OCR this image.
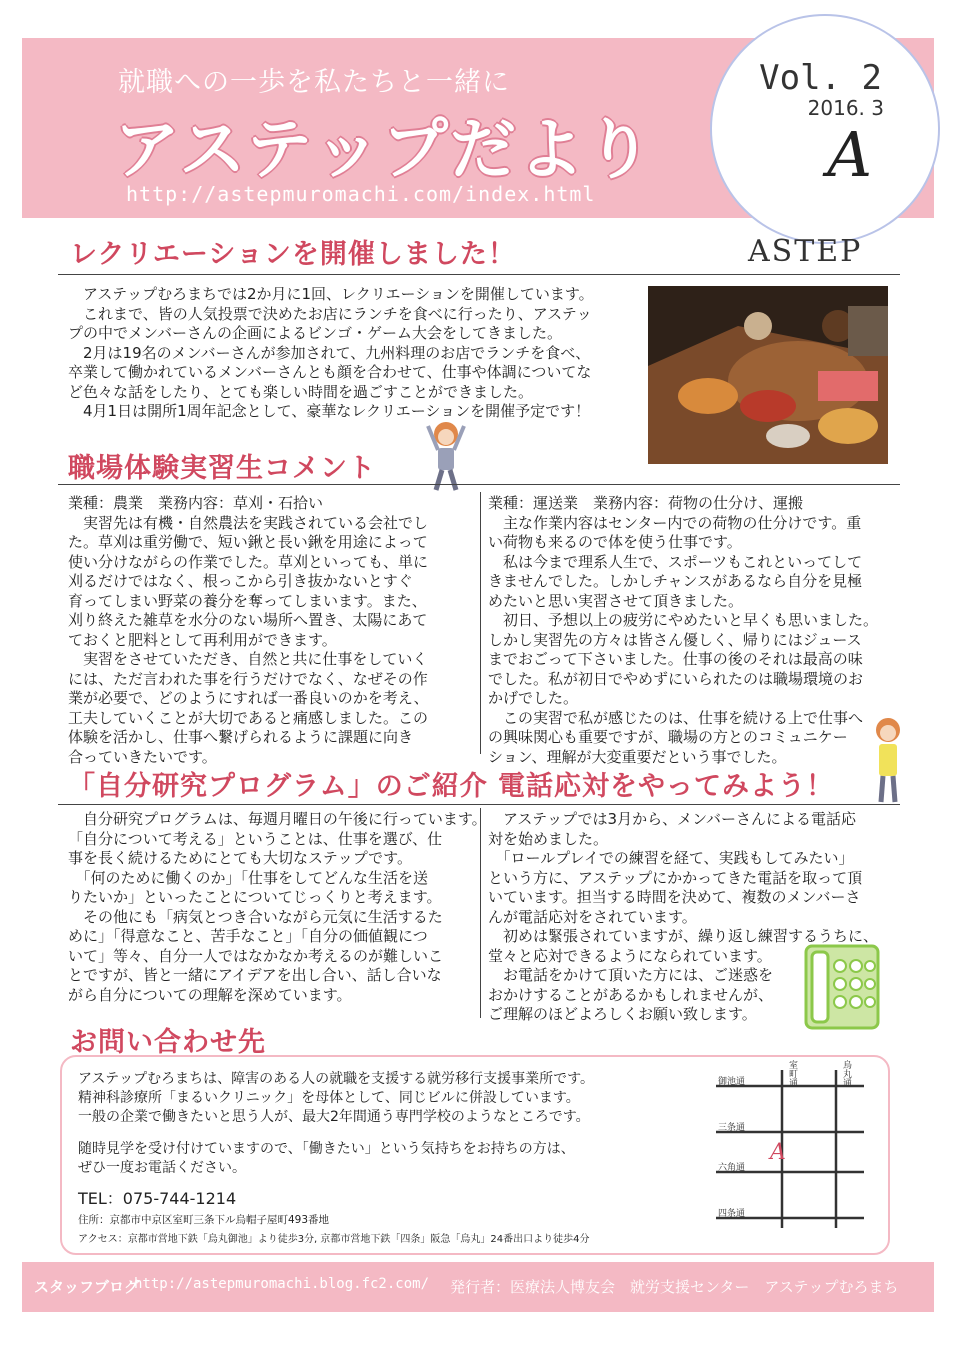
就職への一歩を私たちと一緒に
アステップだより
http://astepmuromachi.com/index.html
Vol. 2
2016. 3
A
レクリエーションを開催しました！	ASTEP
　アステップむろまちでは2か月に1回、レクリエーションを開催しています。
　これまで、皆の人気投票で決めたお店にランチを食べに行ったり、アステッ
プの中でメンバーさんの企画によるビンゴ・ゲーム大会をしてきました。
　2月は19名のメンバーさんが参加されて、九州料理のお店でランチを食べ、
卒業して働かれているメンバーさんとも顔を合わせて、仕事や体調についてな
ど色々な話をしたり、とても楽しい時間を過ごすことができました。
　4月1日は開所1周年記念として、豪華なレクリエーションを開催予定です！
職場体験実習生コメント
業種：農業　業務内容：草刈・石拾い
　実習先は有機・自然農法を実践されている会社でし
た。草刈は重労働で、短い鍬と長い鍬を用途によって
使い分けながらの作業でした。草刈といっても、単に
刈るだけではなく、根っこから引き抜かないとすぐ
育ってしまい野菜の養分を奪ってしまいます。また、
刈り終えた雑草を水分のない場所へ置き、太陽にあて
ておくと肥料として再利用ができます。
　実習をさせていただき、自然と共に仕事をしていく
には、ただ言われた事を行うだけでなく、なぜその作
業が必要で、どのようにすれば一番良いのかを考え、
工夫していくことが大切であると痛感しました。この
体験を活かし、仕事へ繋げられるように課題に向き
合っていきたいです。
業種：運送業　業務内容：荷物の仕分け、運搬
　主な作業内容はセンター内での荷物の仕分けです。重
い荷物も来るので体を使う仕事です。
　私は今まで理系人生で、スポーツもこれといってして
きませんでした。しかしチャンスがあるなら自分を見極
めたいと思い実習させて頂きました。
　初日、予想以上の疲労にやめたいと早くも思いました。
しかし実習先の方々は皆さん優しく、帰りにはジュース
までおごって下さいました。仕事の後のそれは最高の味
でした。私が初日でやめずにいられたのは職場環境のお
かげでした。
　この実習で私が感じたのは、仕事を続ける上で仕事へ
の興味関心も重要ですが、職場の方とのコミュニケー
ション、理解が大変重要だという事でした。
「自分研究プログラム」のご紹介 電話応対をやってみよう！
　自分研究プログラムは、毎週月曜日の午後に行っています。
「自分について考える」ということは、仕事を選び、仕
事を長く続けるためにとても大切なステップです。
　「何のために働くのか」「仕事をしてどんな生活を送
りたいか」といったことについてじっくりと考えます。
　その他にも「病気とつき合いながら元気に生活するた
めに」「得意なこと、苦手なこと」「自分の価値観につ
いて」等々、自分一人ではなかなか考えるのが難しいこ
とですが、皆と一緒にアイデアを出し合い、話し合いな
がら自分についての理解を深めています。
　アステップでは3月から、メンバーさんによる電話応
対を始めました。
　「ロールプレイでの練習を経て、実践もしてみたい」
という方に、アステップにかかってきた電話を取って頂
いています。担当する時間を決めて、複数のメンバーさ
んが電話応対をされています。
　初めは緊張されていますが、繰り返し練習するうちに、
堂々と応対できるようになられています。
　お電話をかけて頂いた方には、ご迷惑を
おかけすることがあるかもしれませんが、
ご理解のほどよろしくお願い致します。
お問い合わせ先
アステップむろまちは、障害のある人の就職を支援する就労移行支援事業所です。
精神科診療所「まるいクリニック」を母体として、同じビルに併設しています。
一般の企業で働きたいと思う人が、最大2年間通う専門学校のようなところです。
随時見学を受け付けていますので、「働きたい」という気持ちをお持ちの方は、
ぜひ一度お電話ください。
TEL：075-744-1214
住所：京都市中京区室町三条下ル烏帽子屋町493番地
アクセス：京都市営地下鉄「烏丸御池」より徒歩3分, 京都市営地下鉄「四条」阪急「烏丸」24番出口より徒歩4分
御池通
三条通
六角通
四条通
室町通	烏丸通
A
スタッフブログ
http://astepmuromachi.blog.fc2.com/ 発行者：医療法人博友会　就労支援センター　アステップむろまち
